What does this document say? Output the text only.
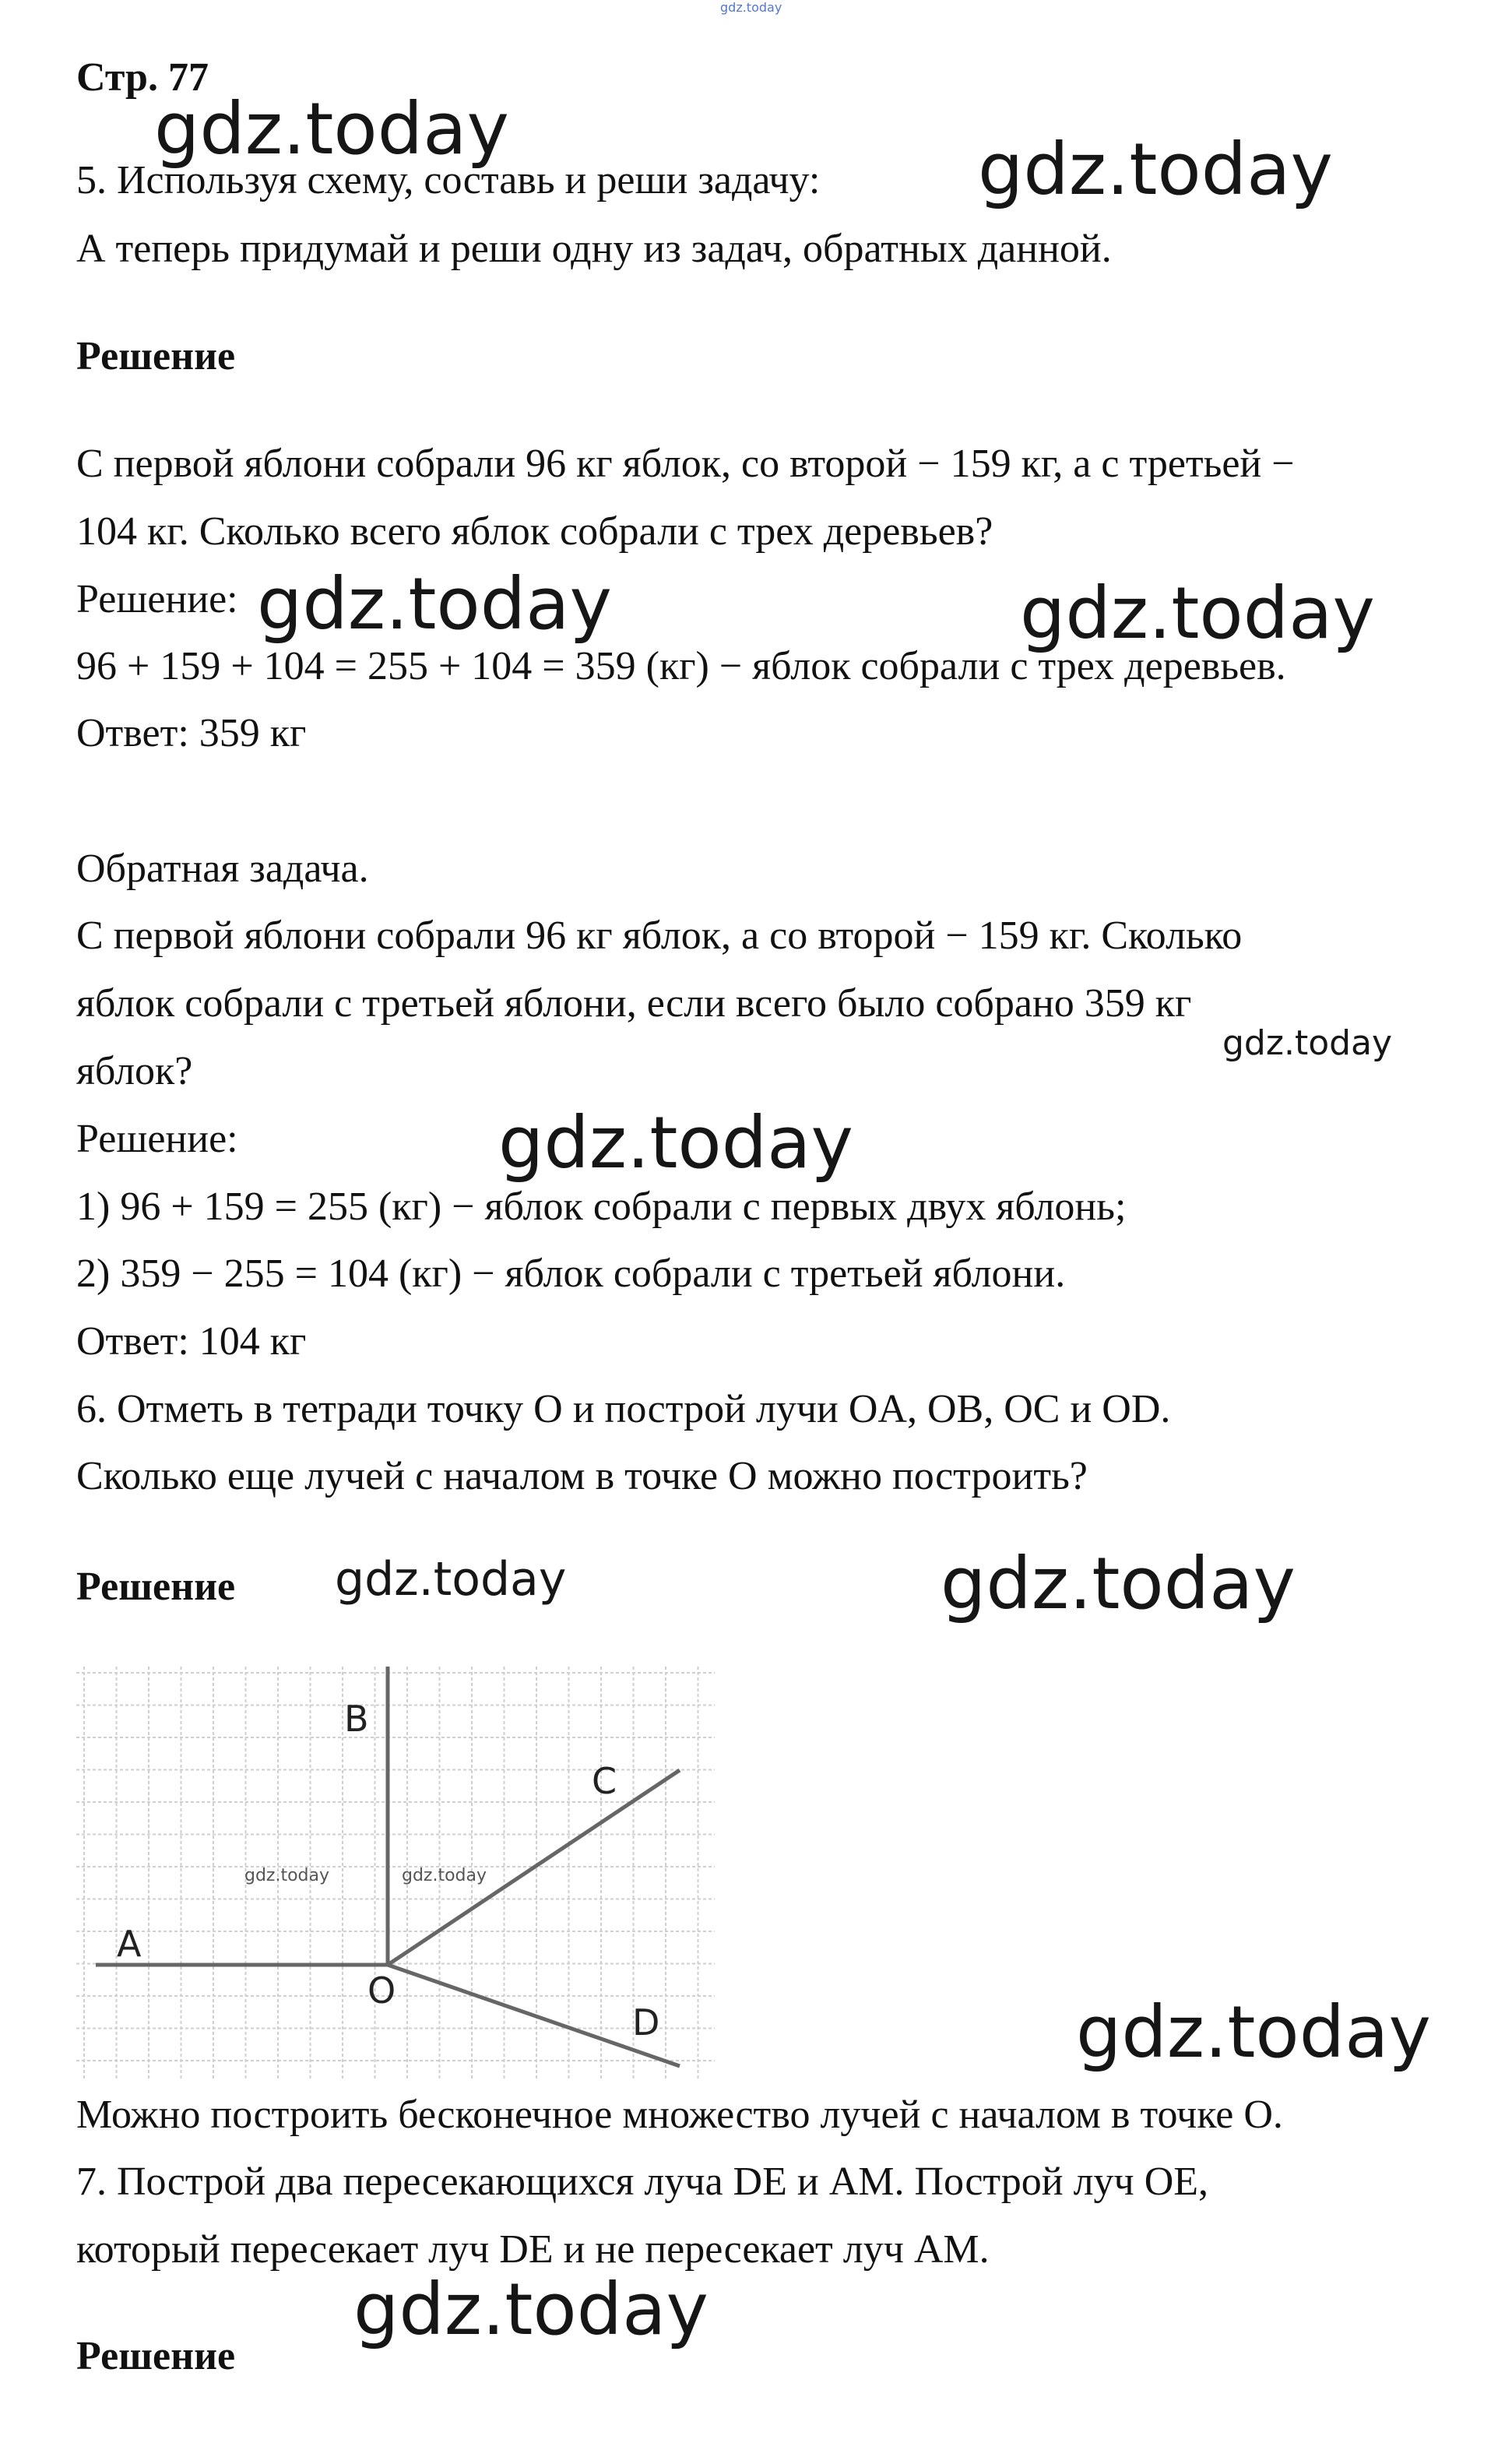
gdz.today
Стр. 77
5. Используя схему, составь и реши задачу:
А теперь придумай и реши одну из задач, обратных данной.
Решение
С первой яблони собрали 96 кг яблок, со второй − 159 кг, а с третьей −
104 кг. Сколько всего яблок собрали с трех деревьев?
Решение:
96 + 159 + 104 = 255 + 104 = 359 (кг) − яблок собрали с трех деревьев.
Ответ: 359 кг
Обратная задача.
С первой яблони собрали 96 кг яблок, а со второй − 159 кг. Сколько
яблок собрали с третьей яблони, если всего было собрано 359 кг
яблок?
Решение:
1) 96 + 159 = 255 (кг) − яблок собрали с первых двух яблонь;
2) 359 − 255 = 104 (кг) − яблок собрали с третьей яблони.
Ответ: 104 кг
6. Отметь в тетради точку О и построй лучи OA, OB, OC и OD.
Сколько еще лучей с началом в точке О можно построить?
Решение
A
B
C
D
O
gdz.today	gdz.today
Можно построить бесконечное множество лучей с началом в точке О.
7. Построй два пересекающихся луча DE и AM. Построй луч OE,
который пересекает луч DE и не пересекает луч AM.
Решение
gdz.today	gdz.today
gdz.today	gdz.today
gdz.today
gdz.today
gdz.today	gdz.today
gdz.today
gdz.today
